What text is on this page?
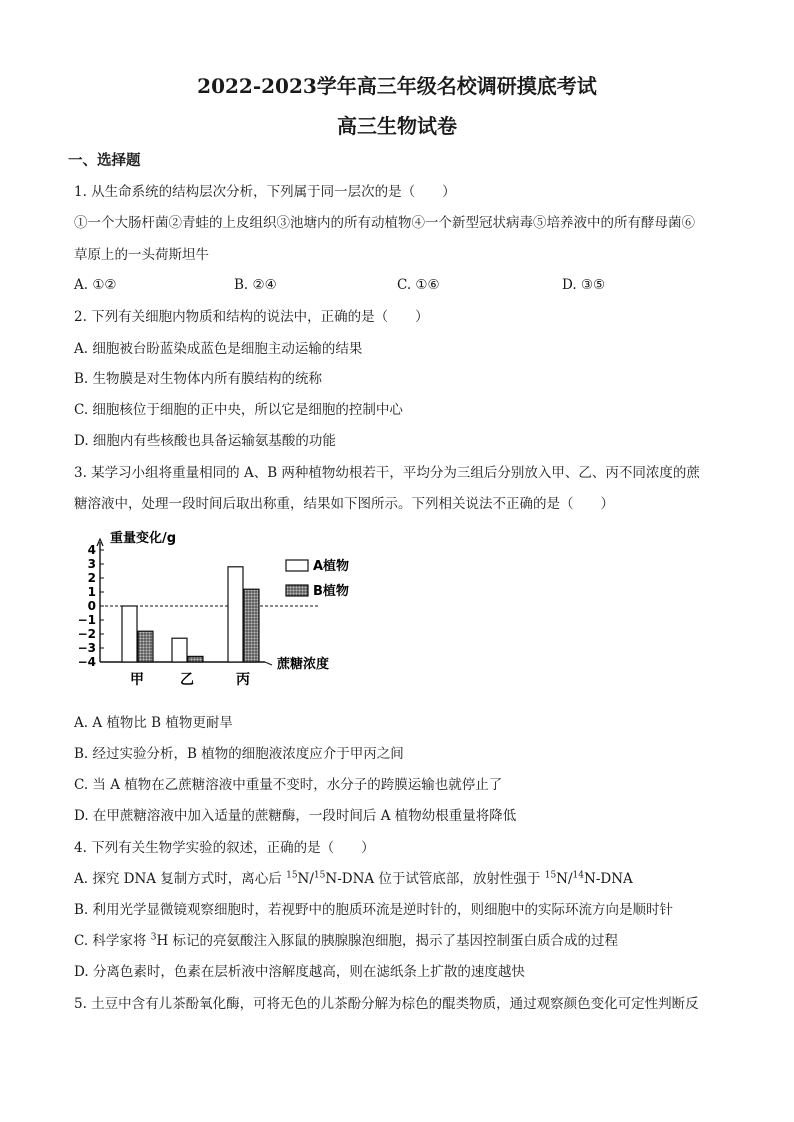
2022-2023学年高三年级名校调研摸底考试
高三生物试卷
一、选择题
1. 从生命系统的结构层次分析，下列属于同一层次的是（　　）
①一个大肠杆菌②青蛙的上皮组织③池塘内的所有动植物④一个新型冠状病毒⑤培养液中的所有酵母菌⑥
草原上的一头荷斯坦牛
A. ①②	B. ②④	C. ①⑥	D. ③⑤
2. 下列有关细胞内物质和结构的说法中，正确的是（　　）
A. 细胞被台盼蓝染成蓝色是细胞主动运输的结果
B. 生物膜是对生物体内所有膜结构的统称
C. 细胞核位于细胞的正中央，所以它是细胞的控制中心
D. 细胞内有些核酸也具备运输氨基酸的功能
3. 某学习小组将重量相同的 A、B 两种植物幼根若干，平均分为三组后分别放入甲、乙、丙不同浓度的蔗
糖溶液中，处理一段时间后取出称重，结果如下图所示。下列相关说法不正确的是（　　）
重量变化/g
4
3
2
1
0
−1
−2
−3
−4	蔗糖浓度
甲	乙	丙
A植物
B植物
A. A 植物比 B 植物更耐旱
B. 经过实验分析，B 植物的细胞液浓度应介于甲丙之间
C. 当 A 植物在乙蔗糖溶液中重量不变时，水分子的跨膜运输也就停止了
D. 在甲蔗糖溶液中加入适量的蔗糖酶，一段时间后 A 植物幼根重量将降低
4. 下列有关生物学实验的叙述，正确的是（　　）
A. 探究 DNA 复制方式时，离心后 $^{15}$N/$^{15}$N-DNA 位于试管底部，放射性强于 $^{15}$N/$^{14}$N-DNA
B. 利用光学显微镜观察细胞时，若视野中的胞质环流是逆时针的，则细胞中的实际环流方向是顺时针
C. 科学家将 $^3$H 标记的亮氨酸注入豚鼠的胰腺腺泡细胞，揭示了基因控制蛋白质合成的过程
D. 分离色素时，色素在层析液中溶解度越高，则在滤纸条上扩散的速度越快
5. 土豆中含有儿茶酚氧化酶，可将无色的儿茶酚分解为棕色的醌类物质，通过观察颜色变化可定性判断反
